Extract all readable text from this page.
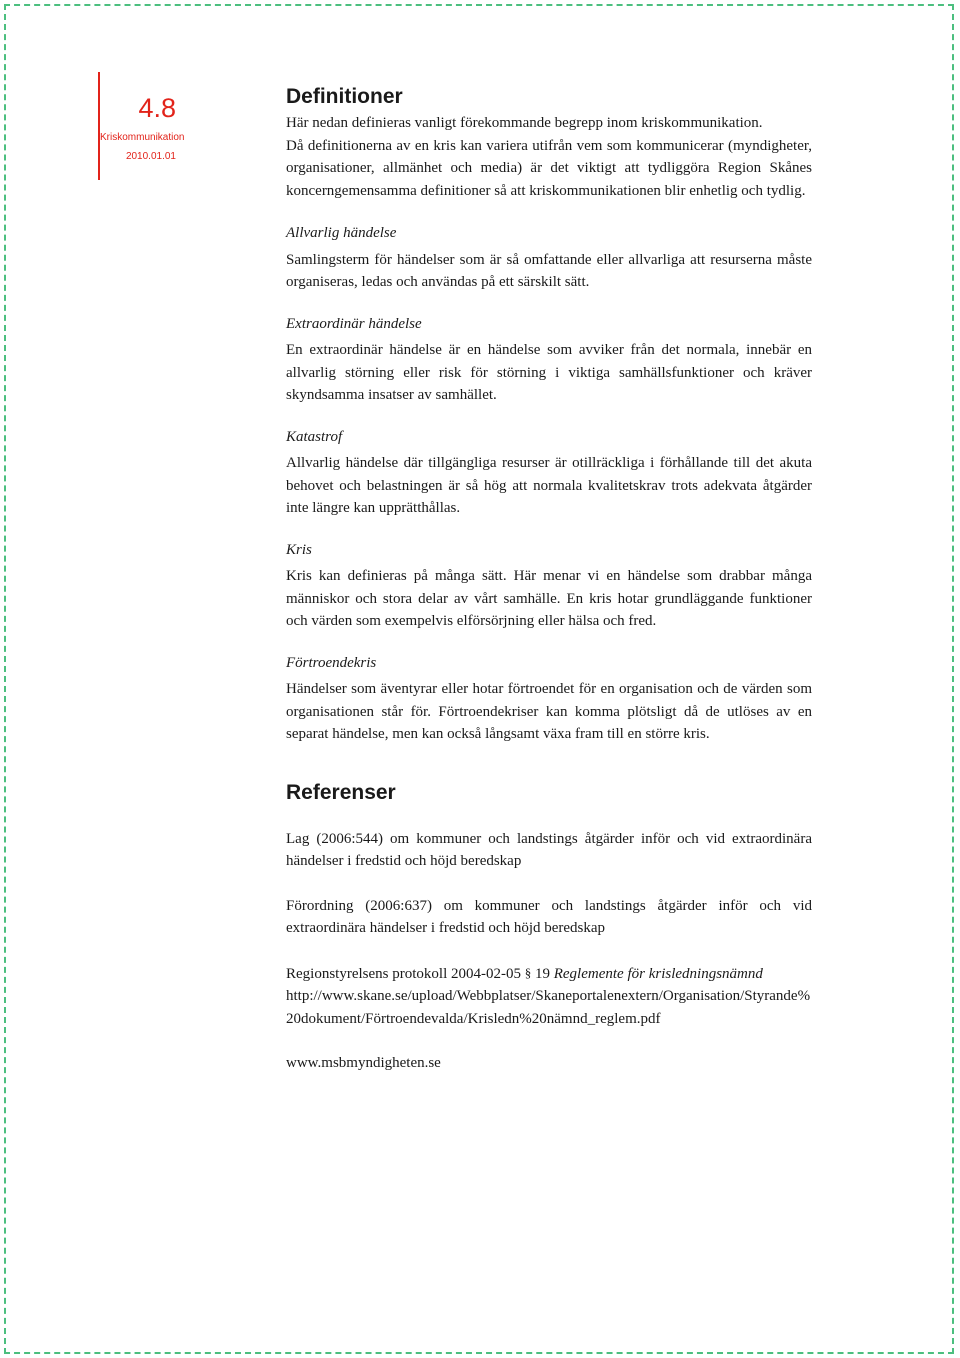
4.8
Kriskommunikation
2010.01.01
Definitioner

Här nedan definieras vanligt förekommande begrepp inom kriskommunikation.

Då definitionerna av en kris kan variera utifrån vem som kommunicerar (myndigheter, organisationer, allmänhet och media) är det viktigt att tydliggöra Region Skånes koncerngemensamma definitioner så att kriskommunikationen blir enhetlig och tydlig.

Allvarlig händelse

Samlingsterm för händelser som är så omfattande eller allvarliga att resurserna måste organiseras, ledas och användas på ett särskilt sätt.

Extraordinär händelse

En extraordinär händelse är en händelse som avviker från det normala, innebär en allvarlig störning eller risk för störning i viktiga samhällsfunktioner och kräver skyndsamma insatser av samhället.

Katastrof

Allvarlig händelse där tillgängliga resurser är otillräckliga i förhållande till det akuta behovet och belastningen är så hög att normala kvalitetskrav trots adekvata åtgärder inte längre kan upprätthållas.

Kris

Kris kan definieras på många sätt. Här menar vi en händelse som drabbar många människor och stora delar av vårt samhälle. En kris hotar grundläggande funktioner och värden som exempelvis elförsörjning eller hälsa och fred.

Förtroendekris

Händelser som äventyrar eller hotar förtroendet för en organisation och de värden som organisationen står för. Förtroendekriser kan komma plötsligt då de utlöses av en separat händelse, men kan också långsamt växa fram till en större kris.

Referenser

Lag (2006:544) om kommuner och landstings åtgärder inför och vid extraordinära händelser i fredstid och höjd beredskap

Förordning (2006:637) om kommuner och landstings åtgärder inför och vid extraordinära händelser i fredstid och höjd beredskap

Regionstyrelsens protokoll 2004-02-05 § 19 Reglemente för krisledningsnämnd
http://www.skane.se/upload/Webbplatser/Skaneportalenextern/Organisation/Styrande%20dokument/Förtroendevalda/Krisledn%20nämnd_reglem.pdf

www.msbmyndigheten.se
